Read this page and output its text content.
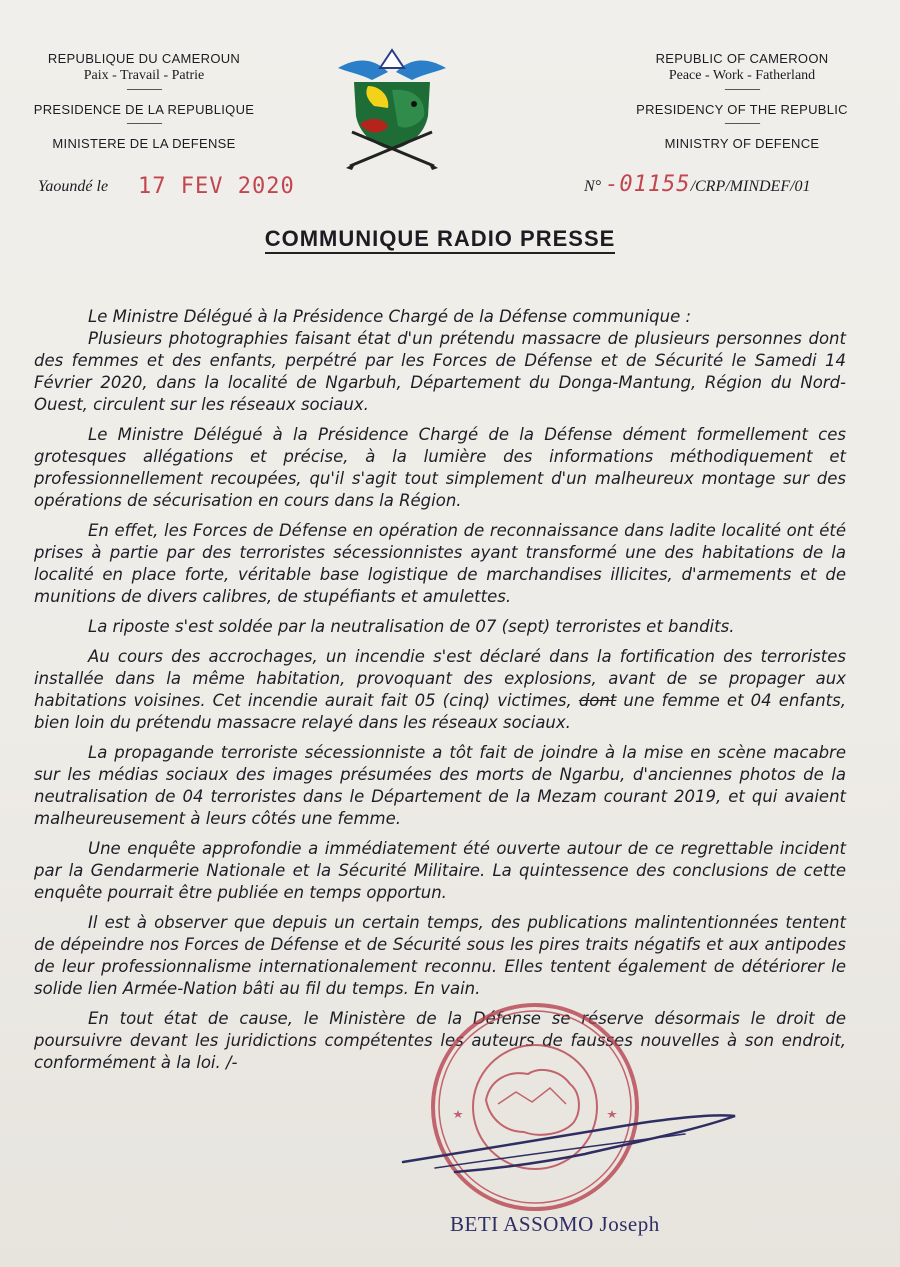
REPUBLIQUE DU CAMEROUN
Paix - Travail - Patrie
---------------
PRESIDENCE DE LA REPUBLIQUE
---------------
MINISTERE DE LA DEFENSE
REPUBLIC OF CAMEROON
Peace - Work - Fatherland
---------------
PRESIDENCY OF THE REPUBLIC
---------------
MINISTRY OF DEFENCE
Yaoundé le 17 FEV 2020	N° -01155/CRP/MINDEF/01
COMMUNIQUE RADIO PRESSE

Le Ministre Délégué à la Présidence Chargé de la Défense communique :

Plusieurs photographies faisant état d'un prétendu massacre de plusieurs personnes dont des femmes et des enfants, perpétré par les Forces de Défense et de Sécurité le Samedi 14 Février 2020, dans la localité de Ngarbuh, Département du Donga-Mantung, Région du Nord-Ouest, circulent sur les réseaux sociaux.

Le Ministre Délégué à la Présidence Chargé de la Défense dément formellement ces grotesques allégations et précise, à la lumière des informations méthodiquement et professionnellement recoupées, qu'il s'agit tout simplement d'un malheureux montage sur des opérations de sécurisation en cours dans la Région.

En effet, les Forces de Défense en opération de reconnaissance dans ladite localité ont été prises à partie par des terroristes sécessionnistes ayant transformé une des habitations de la localité en place forte, véritable base logistique de marchandises illicites, d'armements et de munitions de divers calibres, de stupéfiants et amulettes.

La riposte s'est soldée par la neutralisation de 07 (sept) terroristes et bandits.

Au cours des accrochages, un incendie s'est déclaré dans la fortification des terroristes installée dans la même habitation, provoquant des explosions, avant de se propager aux habitations voisines. Cet incendie aurait fait 05 (cinq) victimes, dont une femme et 04 enfants, bien loin du prétendu massacre relayé dans les réseaux sociaux.

La propagande terroriste sécessionniste a tôt fait de joindre à la mise en scène macabre sur les médias sociaux des images présumées des morts de Ngarbu, d'anciennes photos de la neutralisation de 04 terroristes dans le Département de la Mezam courant 2019, et qui avaient malheureusement à leurs côtés une femme.

Une enquête approfondie a immédiatement été ouverte autour de ce regrettable incident par la Gendarmerie Nationale et la Sécurité Militaire. La quintessence des conclusions de cette enquête pourrait être publiée en temps opportun.

Il est à observer que depuis un certain temps, des publications malintentionnées tentent de dépeindre nos Forces de Défense et de Sécurité sous les pires traits négatifs et aux antipodes de leur professionnalisme internationalement reconnu. Elles tentent également de détériorer le solide lien Armée-Nation bâti au fil du temps. En vain.

En tout état de cause, le Ministère de la Défense se réserve désormais le droit de poursuivre devant les juridictions compétentes les auteurs de fausses nouvelles à son endroit, conformément à la loi. /-

BETI ASSOMO Joseph
